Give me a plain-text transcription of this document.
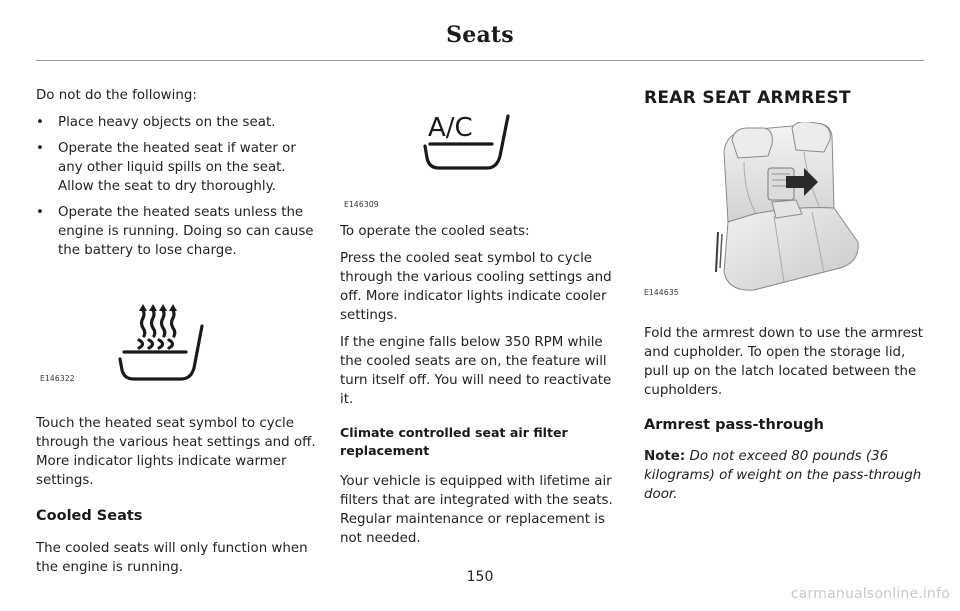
Seats

Do not do the following:

• Place heavy objects on the seat.
• Operate the heated seat if water or any other liquid spills on the seat. Allow the seat to dry thoroughly.
• Operate the heated seats unless the engine is running. Doing so can cause the battery to lose charge.
E146322

Touch the heated seat symbol to cycle through the various heat settings and off. More indicator lights indicate warmer settings.

Cooled Seats

The cooled seats will only function when the engine is running.

A/C
E146309

To operate the cooled seats:

Press the cooled seat symbol to cycle through the various cooling settings and off. More indicator lights indicate cooler settings.

If the engine falls below 350 RPM while the cooled seats are on, the feature will turn itself off. You will need to reactivate it.

Climate controlled seat air filter replacement

Your vehicle is equipped with lifetime air filters that are integrated with the seats. Regular maintenance or replacement is not needed.

REAR SEAT ARMREST
E144635

Fold the armrest down to use the armrest and cupholder. To open the storage lid, pull up on the latch located between the cupholders.

Armrest pass-through

Note: Do not exceed 80 pounds (36 kilograms) of weight on the pass-through door.

150
carmanualsonline.info
